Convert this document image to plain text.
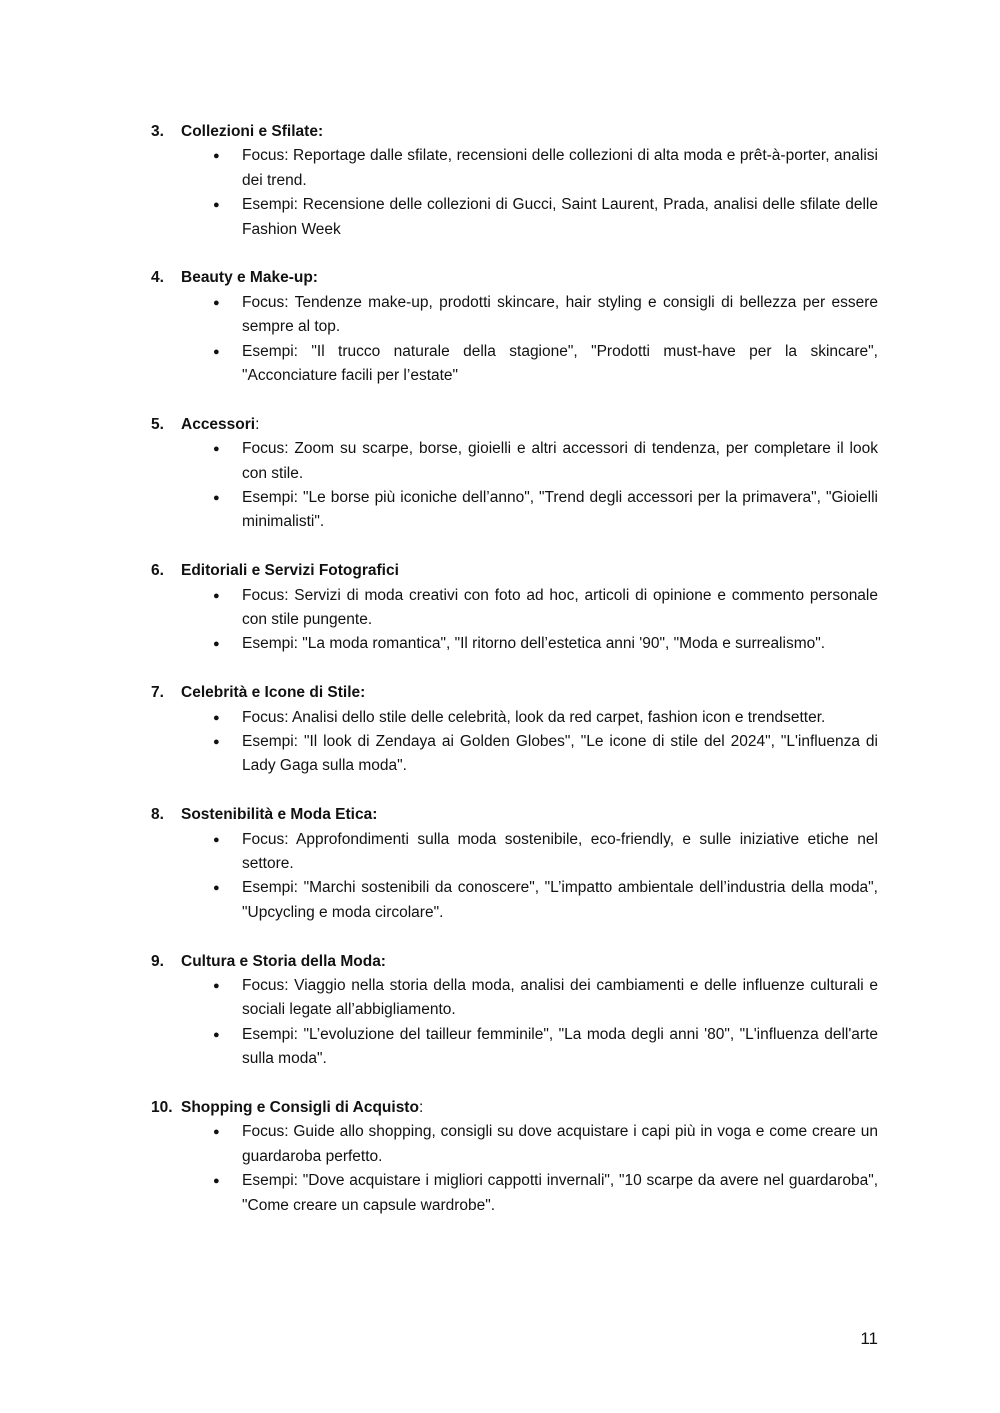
3.	Collezioni e Sfilate:
●	Focus: Reportage dalle sfilate, recensioni delle collezioni di alta moda e prêt-à-porter, analisi dei trend.
●	Esempi: Recensione delle collezioni di Gucci, Saint Laurent, Prada, analisi delle sfilate delle Fashion Week
4.	Beauty e Make-up:
●	Focus: Tendenze make-up, prodotti skincare, hair styling e consigli di bellezza per essere sempre al top.
●	Esempi: "Il trucco naturale della stagione", "Prodotti must-have per la skincare", "Acconciature facili per l’estate"
5.	Accessori:
●	Focus: Zoom su scarpe, borse, gioielli e altri accessori di tendenza, per completare il look con stile.
●	Esempi: "Le borse più iconiche dell’anno", "Trend degli accessori per la primavera", "Gioielli minimalisti".
6.	Editoriali e Servizi Fotografici
●	Focus: Servizi di moda creativi con foto ad hoc, articoli di opinione e commento personale con stile pungente.
●	Esempi: "La moda romantica", "Il ritorno dell’estetica anni '90", "Moda e surrealismo".
7.	Celebrità e Icone di Stile:
●	Focus: Analisi dello stile delle celebrità, look da red carpet, fashion icon e trendsetter.
●	Esempi: "Il look di Zendaya ai Golden Globes", "Le icone di stile del 2024", "L'influenza di Lady Gaga sulla moda".
8.	Sostenibilità e Moda Etica:
●	Focus: Approfondimenti sulla moda sostenibile, eco-friendly, e sulle iniziative etiche nel settore.
●	Esempi: "Marchi sostenibili da conoscere", "L’impatto ambientale dell’industria della moda", "Upcycling e moda circolare".
9.	Cultura e Storia della Moda:
●	Focus: Viaggio nella storia della moda, analisi dei cambiamenti e delle influenze culturali e sociali legate all’abbigliamento.
●	Esempi: "L’evoluzione del tailleur femminile", "La moda degli anni '80", "L'influenza dell'arte sulla moda".
10. Shopping e Consigli di Acquisto:
●	Focus: Guide allo shopping, consigli su dove acquistare i capi più in voga e come creare un guardaroba perfetto.
●	Esempi: "Dove acquistare i migliori cappotti invernali", "10 scarpe da avere nel guardaroba", "Come creare un capsule wardrobe".
11
